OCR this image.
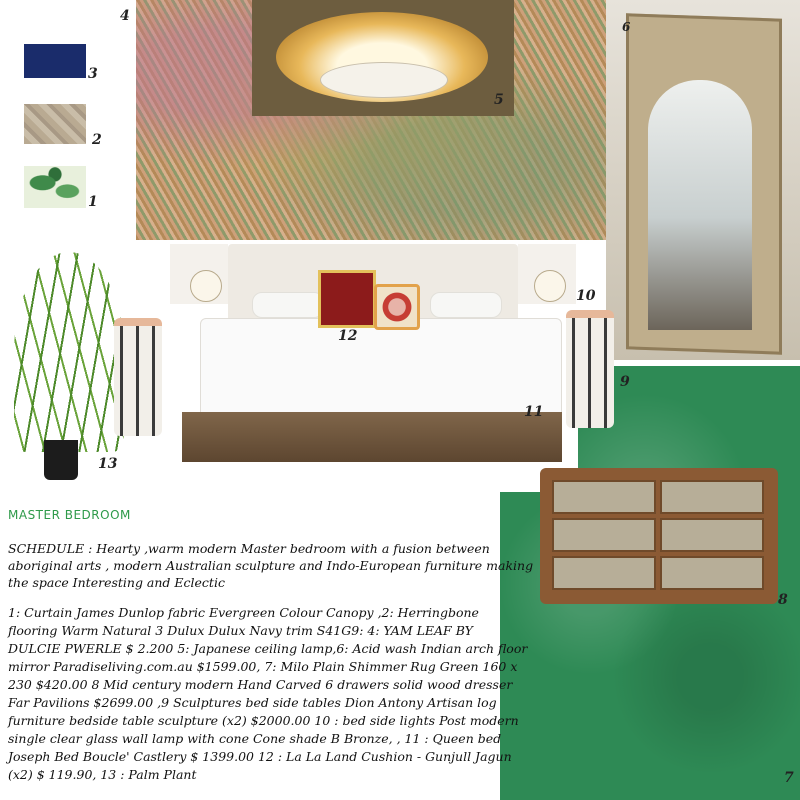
3
2
1
4
5
6
7
13
10
12
11
9
8
MASTER BEDROOM
SCHEDULE : Hearty ,warm modern Master bedroom with a fusion between aboriginal arts , modern Australian sculpture and Indo-European furniture making the space Interesting and Eclectic
1: Curtain James Dunlop fabric Evergreen Colour Canopy ,2: Herringbone flooring Warm Natural 3 Dulux Dulux Navy trim S41G9: 4: YAM LEAF BY DULCIE PWERLE $ 2.200 5: Japanese ceiling lamp,6: Acid wash Indian arch floor mirror Paradiseliving.com.au $1599.00, 7: Milo Plain Shimmer Rug Green 160 x 230 $420.00 8 Mid century modern Hand Carved 6 drawers solid wood dresser Far Pavilions $2699.00 ,9 Sculptures bed side tables Dion Antony Artisan log furniture bedside table sculpture (x2) $2000.00 10 : bed side lights Post modern single clear glass wall lamp with cone Cone shade B Bronze, , 11 : Queen bed Joseph Bed Boucle' Castlery $ 1399.00 12 : La La Land Cushion - Gunjull Jagun (x2) $ 119.90, 13 : Palm Plant
